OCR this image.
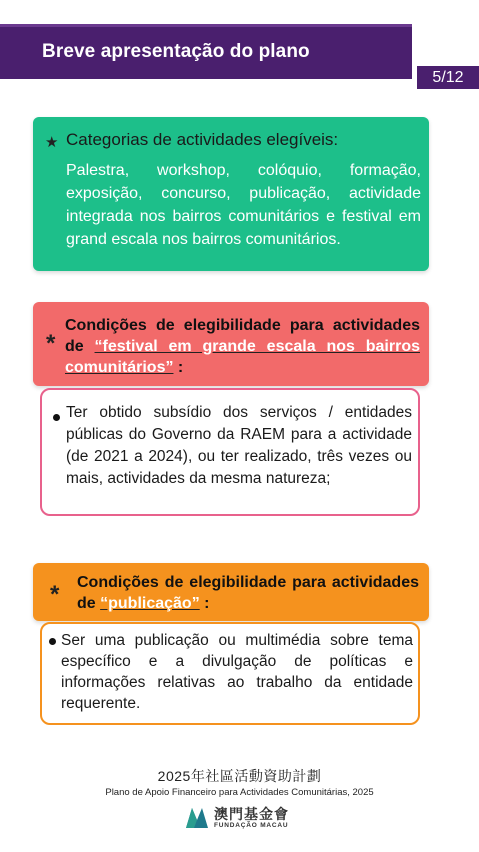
Breve apresentação do plano
5/12
★ Categorias de actividades elegíveis:
Palestra, workshop, colóquio, formação, exposição, concurso, publicação, actividade integrada nos bairros comunitários e festival em grand escala nos bairros comunitários.
*
Condições de elegibilidade para actividades de “festival em grande escala nos bairros comunitários” :
Ter obtido subsídio dos serviços / entidades públicas do Governo da RAEM para a actividade (de 2021 a 2024), ou ter realizado, três vezes ou mais, actividades da mesma natureza;
* Condições de elegibilidade para actividades de “publicação” :
Ser uma publicação ou multimédia sobre tema específico e a divulgação de políticas e informações relativas ao trabalho da entidade requerente.
2025年社區活動資助計劃
Plano de Apoio Financeiro para Actividades Comunitárias, 2025
澳門基金會
FUNDAÇÃO MACAU
